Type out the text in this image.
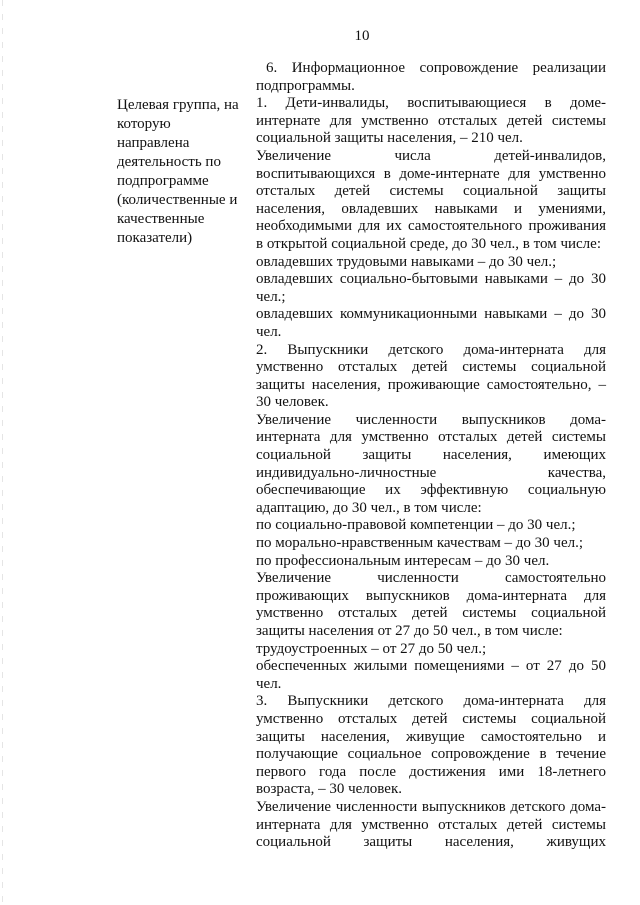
10
Целевая группа, на
которую
направлена
деятельность по
подпрограмме
(количественные и
качественные
показатели)

6. Информационное сопровождение реализации подпрограммы.

1. Дети-инвалиды, воспитывающиеся в доме-интернате для умственно отсталых детей системы социальной защиты населения, – 210 чел.

Увеличение числа детей-инвалидов, воспитывающихся в доме-интернате для умственно отсталых детей системы социальной защиты населения, овладевших навыками и умениями, необходимыми для их самостоятельного проживания в открытой социальной среде, до 30 чел., в том числе:

овладевших трудовыми навыками – до 30 чел.;

овладевших социально-бытовыми навыками – до 30 чел.;

овладевших коммуникационными навыками – до 30 чел.

2. Выпускники детского дома-интерната для умственно отсталых детей системы социальной защиты населения, проживающие самостоятельно, – 30 человек.

Увеличение численности выпускников дома-интерната для умственно отсталых детей системы социальной защиты населения, имеющих индивидуально-личностные качества, обеспечивающие их эффективную социальную адаптацию, до 30 чел., в том числе:

по социально-правовой компетенции – до 30 чел.;

по морально-нравственным качествам – до 30 чел.;

по профессиональным интересам – до 30 чел.

Увеличение численности самостоятельно проживающих выпускников дома-интерната для умственно отсталых детей системы социальной защиты населения от 27 до 50 чел., в том числе:

трудоустроенных – от 27 до 50 чел.;

обеспеченных жилыми помещениями – от 27 до 50 чел.

3. Выпускники детского дома-интерната для умственно отсталых детей системы социальной защиты населения, живущие самостоятельно и получающие социальное сопровождение в течение первого года после достижения ими 18-летнего возраста, – 30 человек.

Увеличение численности выпускников детского дома-интерната для умственно отсталых детей системы социальной защиты населения, живущих
